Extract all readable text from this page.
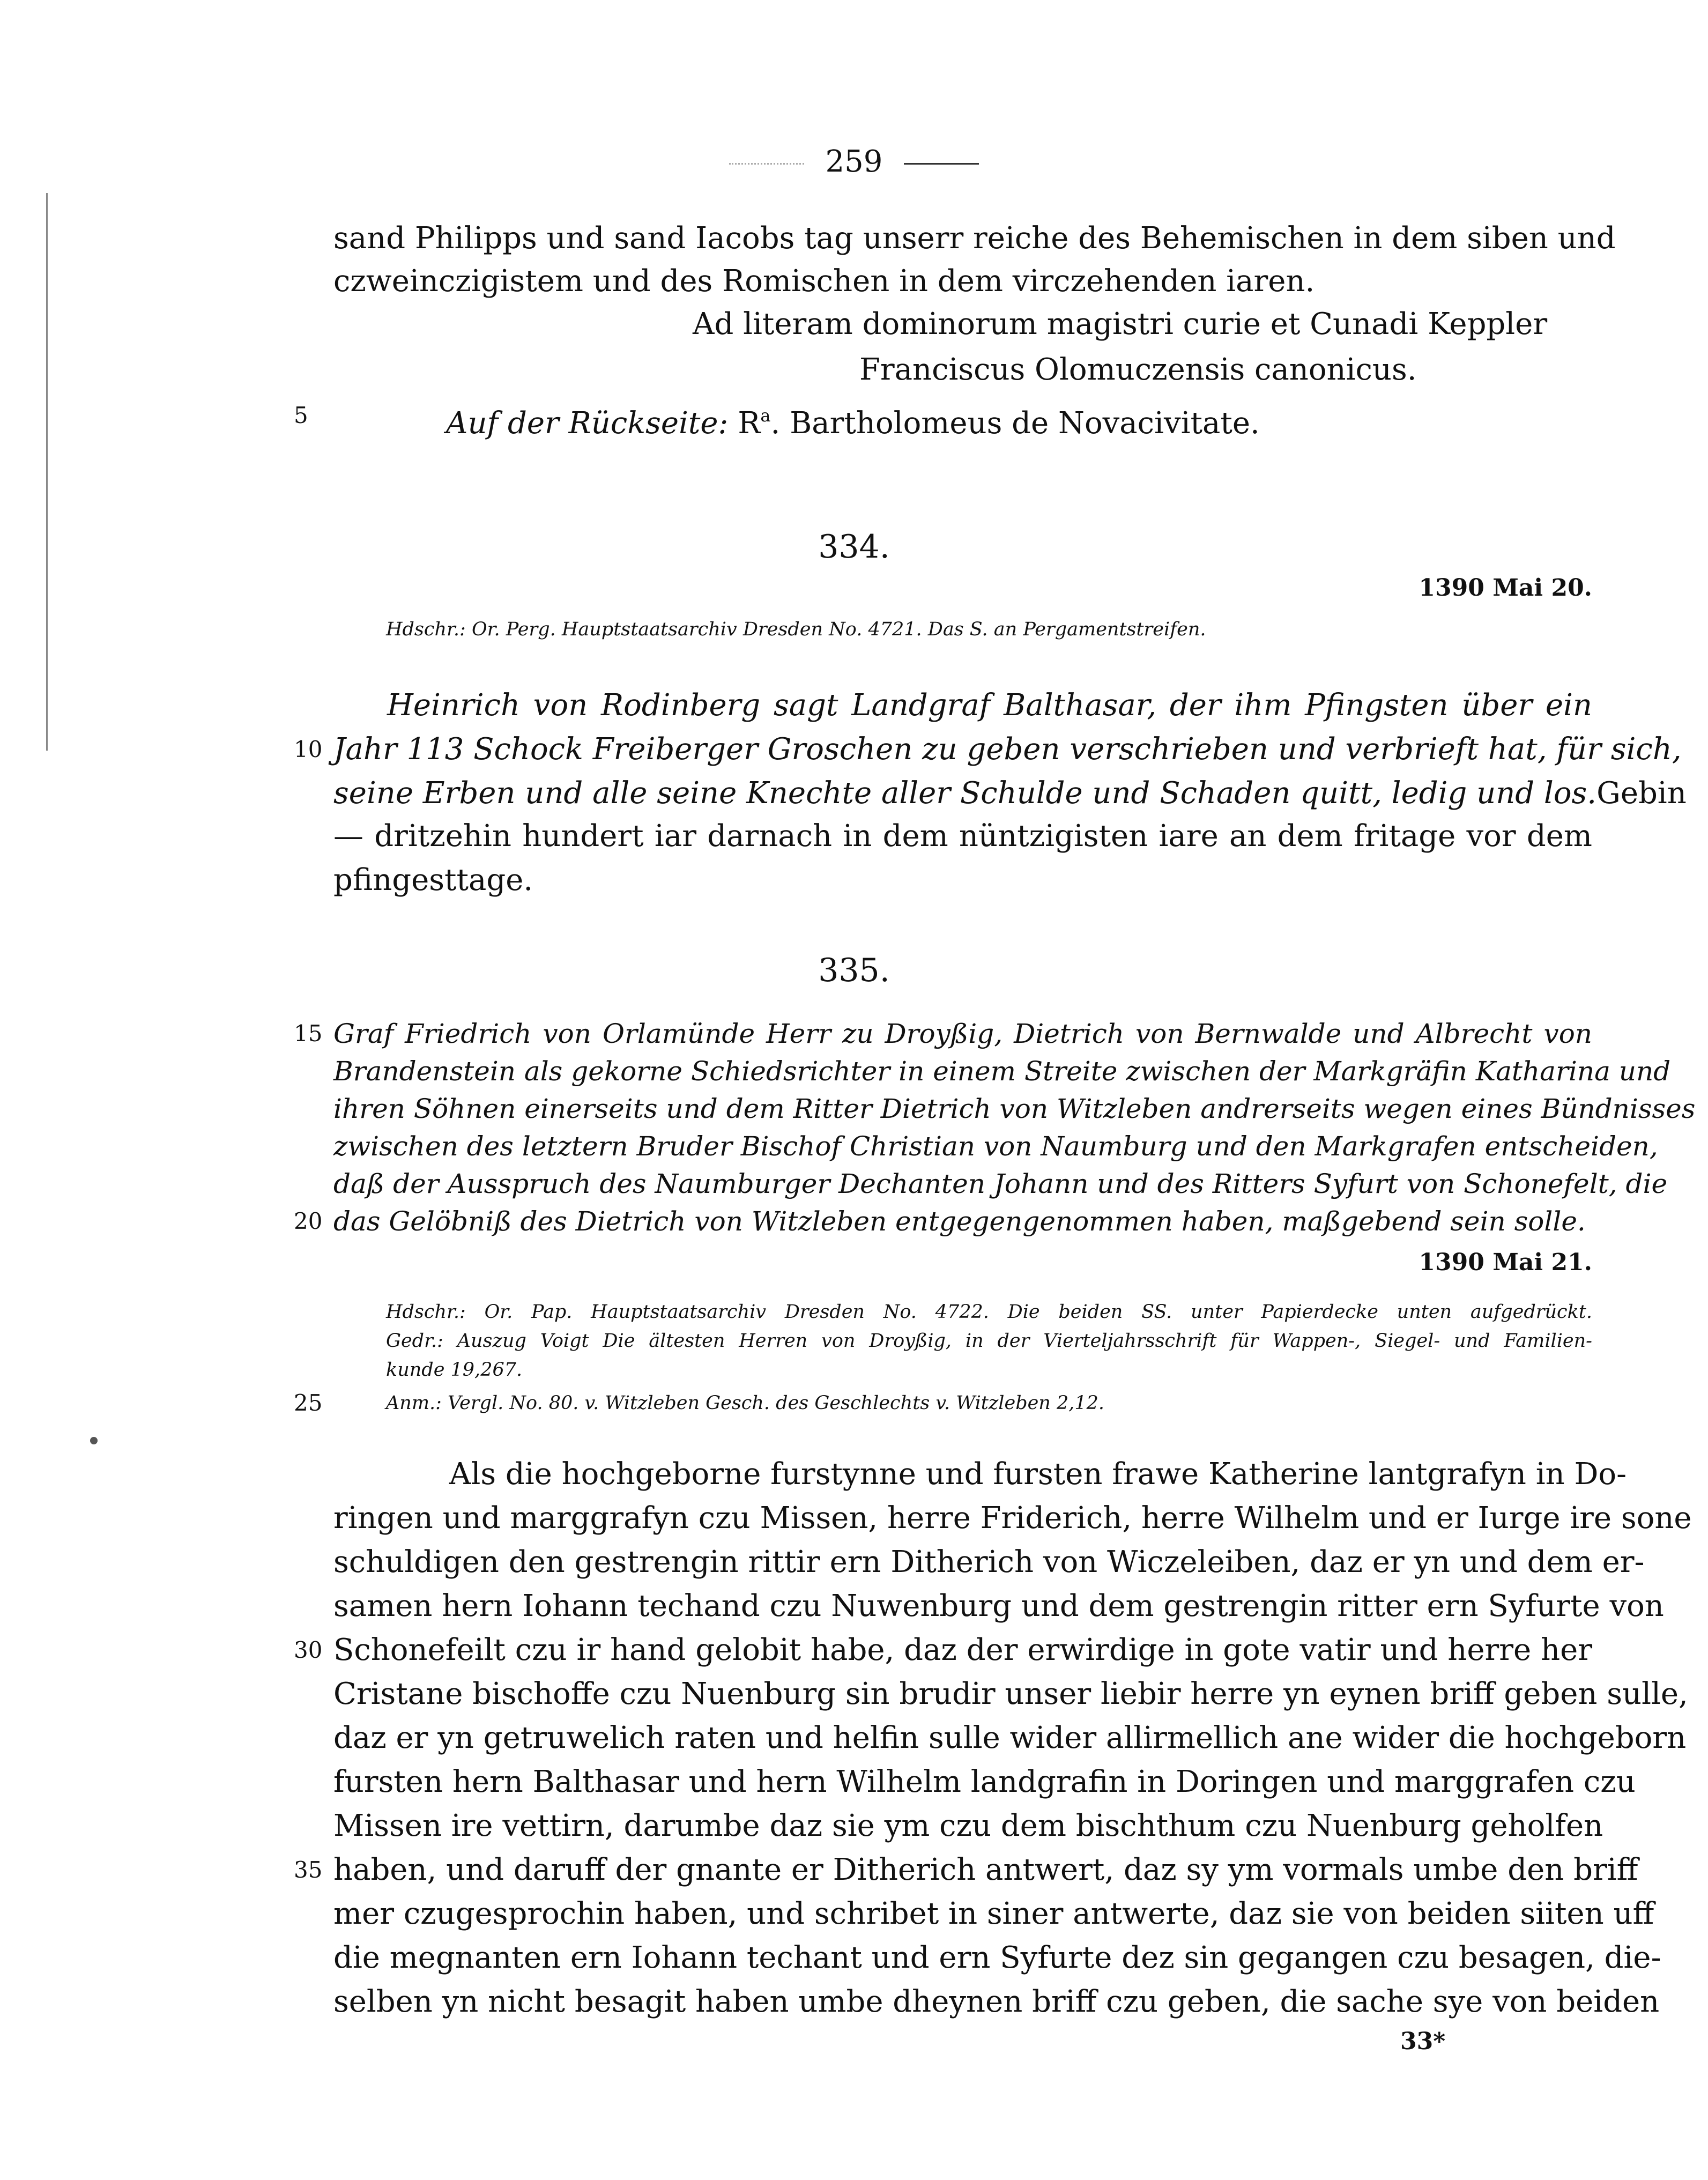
259
sand Philipps und sand Iacobs tag unserr reiche des Behemischen in dem siben und
czweinczigistem und des Romischen in dem virczehenden iaren.
Ad literam dominorum magistri curie et Cunadi Keppler
Franciscus Olomuczensis canonicus.
5	Auf der Rückseite: $R^a$. Bartholomeus de Novacivitate.
334.
1390 Mai 20.
Hdschr.: Or. Perg. Hauptstaatsarchiv Dresden No. 4721. Das S. an Pergamentstreifen.
Heinrich von Rodinberg sagt Landgraf Balthasar, der ihm Pfingsten über ein
10 Jahr 113 Schock Freiberger Groschen zu geben verschrieben und verbrieft hat, für sich,
seine Erben und alle seine Knechte aller Schulde und Schaden quitt, ledig und los. Gebin
— dritzehin hundert iar darnach in dem nüntzigisten iare an dem fritage vor dem
pfingesttage.
335.
15 Graf Friedrich von Orlamünde Herr zu Droyßig, Dietrich von Bernwalde und Albrecht von
Brandenstein als gekorne Schiedsrichter in einem Streite zwischen der Markgräfin Katharina und
ihren Söhnen einerseits und dem Ritter Dietrich von Witzleben andrerseits wegen eines Bündnisses
zwischen des letztern Bruder Bischof Christian von Naumburg und den Markgrafen entscheiden,
daß der Ausspruch des Naumburger Dechanten Johann und des Ritters Syfurt von Schonefelt, die
20 das Gelöbniß des Dietrich von Witzleben entgegengenommen haben, maßgebend sein solle.
1390 Mai 21.
Hdschr.: Or. Pap. Hauptstaatsarchiv Dresden No. 4722. Die beiden SS. unter Papierdecke unten aufgedrückt.
Gedr.: Auszug Voigt Die ältesten Herren von Droyßig, in der Vierteljahrsschrift für Wappen-, Siegel- und Familien-
kunde 19,267.
25	Anm.: Vergl. No. 80. v. Witzleben Gesch. des Geschlechts v. Witzleben 2,12.
Als die hochgeborne furstynne und fursten frawe Katherine lantgrafyn in Do-
ringen und marggrafyn czu Missen, herre Friderich, herre Wilhelm und er Iurge ire sone
schuldigen den gestrengin rittir ern Ditherich von Wiczeleiben, daz er yn und dem er-
samen hern Iohann techand czu Nuwenburg und dem gestrengin ritter ern Syfurte von
30 Schonefeilt czu ir hand gelobit habe, daz der erwirdige in gote vatir und herre her
Cristane bischoffe czu Nuenburg sin brudir unser liebir herre yn eynen briff geben sulle,
daz er yn getruwelich raten und helfin sulle wider allirmellich ane wider die hochgeborn
fursten hern Balthasar und hern Wilhelm landgrafin in Doringen und marggrafen czu
Missen ire vettirn, darumbe daz sie ym czu dem bischthum czu Nuenburg geholfen
35 haben, und daruff der gnante er Ditherich antwert, daz sy ym vormals umbe den briff
mer czugesprochin haben, und schribet in siner antwerte, daz sie von beiden siiten uff
die megnanten ern Iohann techant und ern Syfurte dez sin gegangen czu besagen, die-
selben yn nicht besagit haben umbe dheynen briff czu geben, die sache sye von beiden
33*
